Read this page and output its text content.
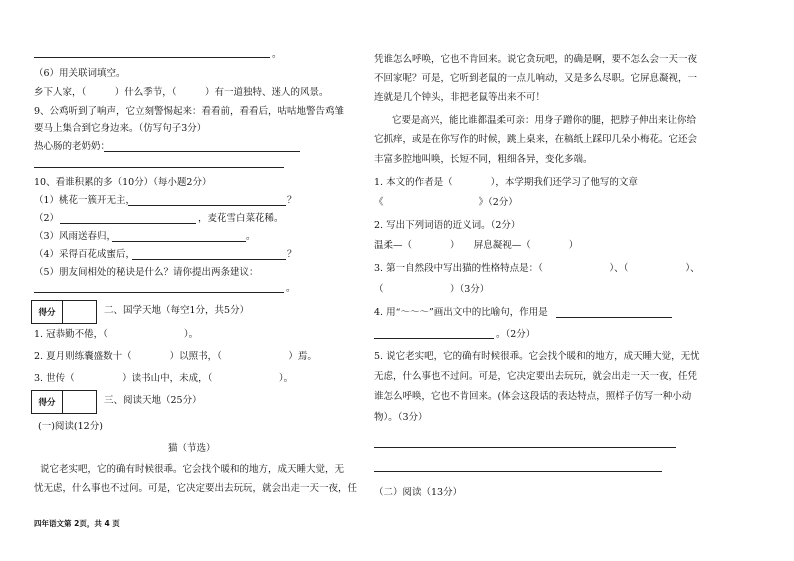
。
（6）用关联词填空。
乡下人家，（　　　）什么季节，（　　　）有一道独特、迷人的风景。
9、公鸡听到了响声，它立刻警惕起来：看看前，看看后，咕咕地警告鸡雏
要马上集合到它身边来。（仿写句子3分）
热心肠的老奶奶：
10、看谁积累的多（10分）（每小题2分）
（1）桃花一簇开无主，	？
（2）	，麦花雪白菜花稀。
（3）风雨送春归，	。
（4）采得百花成蜜后，	？
（5）朋友间相处的秘诀是什么？请你提出两条建议：
。
得分	二、国学天地（每空1分，共5分）
1. 冠恭勤不倦，（　　　　　　　　）。
2. 夏月则练囊盛数十（　　　　）以照书，（　　　　　　　）焉。
3. 世传（　　　　　）读书山中，未成，（　　　　　　　）。
得分	三、阅读天地（25分）
(一)阅读(12分)
猫（节选）
说它老实吧，它的确有时候很乖。它会找个暖和的地方，成天睡大觉，无
忧无虑，什么事也不过问。可是，它决定要出去玩玩，就会出走一天一夜，任
四年语文第 2页，共 4 页
凭谁怎么呼唤，它也不肯回来。说它贪玩吧，的确是啊，要不怎么会一天一夜
不回家呢？可是，它听到老鼠的一点儿响动，又是多么尽职。它屏息凝视，一
连就是几个钟头，非把老鼠等出来不可！
它要是高兴，能比谁都温柔可亲：用身子蹭你的腿，把脖子伸出来让你给
它抓痒，或是在你写作的时候，跳上桌来，在稿纸上踩印几朵小梅花。它还会
丰富多腔地叫唤，长短不同，粗细各异，变化多端。
1. 本文的作者是（　　　　），本学期我们还学习了他写的文章
《　　　　　　　　　　》（2分）
2. 写出下列词语的近义词。（2分）
温柔—（　　　　）　　屏息凝视—（　　　　）
3. 第一自然段中写出猫的性格特点是：（　　　　　　　）、（　　　　　　）、
（　　　　　　　）（3分）
4. 用“～～～”画出文中的比喻句，作用是
。（2分）
5. 说它老实吧，它的确有时候很乖。它会找个暖和的地方，成天睡大觉，无忧
无虑，什么事也不过问。可是，它决定要出去玩玩，就会出走一天一夜，任凭
谁怎么呼唤，它也不肯回来。(体会这段话的表达特点，照样子仿写一种小动
物）。（3分）
（二）阅读（13分）
